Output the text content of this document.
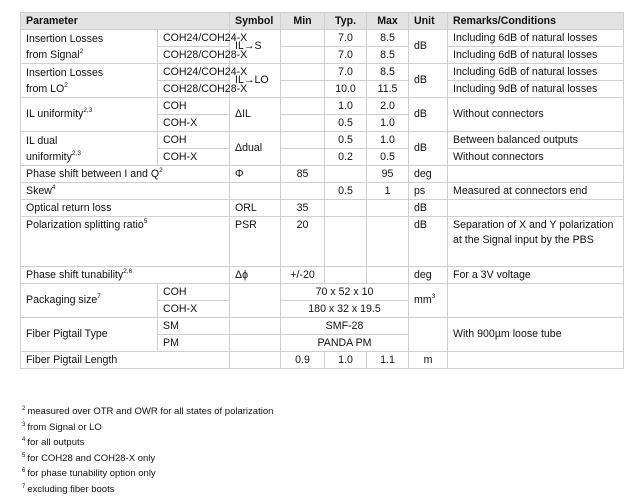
Parameter		Symbol	Min	Typ.	Max	Unit	Remarks/Conditions
Insertion Losses
from Signal$^2$	COH24/COH24-X	IL→S		7.0	8.5	dB	Including 6dB of natural losses
	COH28/COH28-X			7.0	8.5		Including 6dB of natural losses
Insertion Losses
from $LO^2$	COH24/COH24-X	IL→LO		7.0	8.5	dB	Including 6dB of natural losses
	COH28/COH28-X			10.0	11.5		Including 9dB of natural losses
IL uniformity$^{2,3}$	COH	ΔIL		1.0	2.0	dB	Without connectors
	COH-X			0.5	1.0		
IL dual
uniformity$^{2,3}$	COH	Δdual		0.5	1.0	dB	Between balanced outputs
	COH-X			0.2	0.5		Without connectors
Phase shift between I and $Q^2$		Φ	85		95	deg	
Skew$^4$				0.5	1	ps	Measured at connectors end
Optical return loss		ORL	35			dB	
Polarization splitting ratio$^5$		PSR	20			dB	Separation of X and Y polarization at the Signal input by the PBS
Phase shift tunability$^{2,6}$		Δϕ	+/-20			deg	For a 3V voltage
Packaging size$^7$	COH		70 x 52 x 10			$mm^3$	
	COH-X		180 x 32 x 19.5				
Fiber Pigtail Type	SM		SMF-28				With 900µm loose tube
	PM		PANDA PM				
Fiber Pigtail Length			0.9	1.0	1.1	m	
$^2$ measured over OTR and OWR for all states of polarization
$^3$ from Signal or LO
$^4$ for all outputs
$^5$ for COH28 and COH28-X only
$^6$ for phase tunability option only
$^7$ excluding fiber boots
